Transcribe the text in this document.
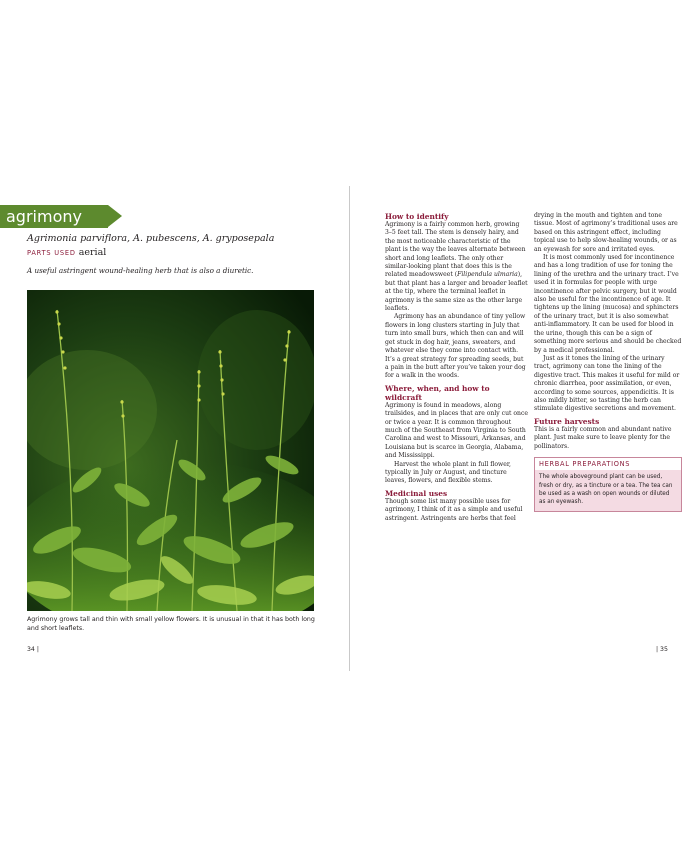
agrimony
Agrimonia parviflora, A. pubescens, A. gryposepala
PARTS USED aerial
A useful astringent wound-healing herb that is also a diuretic.
Agrimony grows tall and thin with small yellow flowers. It is unusual in that it has both long and short leaflets.
34 |
How to identify

Agrimony is a fairly common herb, growing 3–5 feet tall. The stem is densely hairy, and the most noticeable characteristic of the plant is the way the leaves alternate between short and long leaflets. The only other similar-looking plant that does this is the related meadowsweet (Filipendula ulmaria), but that plant has a larger and broader leaflet at the tip, where the terminal leaflet in agrimony is the same size as the other large leaflets.

Agrimony has an abundance of tiny yellow flowers in long clusters starting in July that turn into small burs, which then can and will get stuck in dog hair, jeans, sweaters, and whatever else they come into contact with. It’s a great strategy for spreading seeds, but a pain in the butt after you’ve taken your dog for a walk in the woods.

Where, when, and how to wildcraft

Agrimony is found in meadows, along trailsides, and in places that are only cut once or twice a year. It is common throughout much of the Southeast from Virginia to South Carolina and west to Missouri, Arkansas, and Louisiana but is scarce in Georgia, Alabama, and Mississippi.

Harvest the whole plant in full flower, typically in July or August, and tincture leaves, flowers, and flexible stems.

Medicinal uses

Though some list many possible uses for agrimony, I think of it as a simple and useful astringent. Astringents are herbs that feel

drying in the mouth and tighten and tone tissue. Most of agrimony’s traditional uses are based on this astringent effect, including topical use to help slow-healing wounds, or as an eyewash for sore and irritated eyes.

It is most commonly used for incontinence and has a long tradition of use for toning the lining of the urethra and the urinary tract. I’ve used it in formulas for people with urge incontinence after pelvic surgery, but it would also be useful for the incontinence of age. It tightens up the lining (mucosa) and sphincters of the urinary tract, but it is also somewhat anti-inflammatory. It can be used for blood in the urine, though this can be a sign of something more serious and should be checked by a medical professional.

Just as it tones the lining of the urinary tract, agrimony can tone the lining of the digestive tract. This makes it useful for mild or chronic diarrhea, poor assimilation, or even, according to some sources, appendicitis. It is also mildly bitter, so tasting the herb can stimulate digestive secretions and movement.

Future harvests

This is a fairly common and abundant native plant. Just make sure to leave plenty for the pollinators.

HERBAL PREPARATIONS
The whole aboveground plant can be used, fresh or dry, as a tincture or a tea. The tea can be used as a wash on open wounds or diluted as an eyewash.
| 35
